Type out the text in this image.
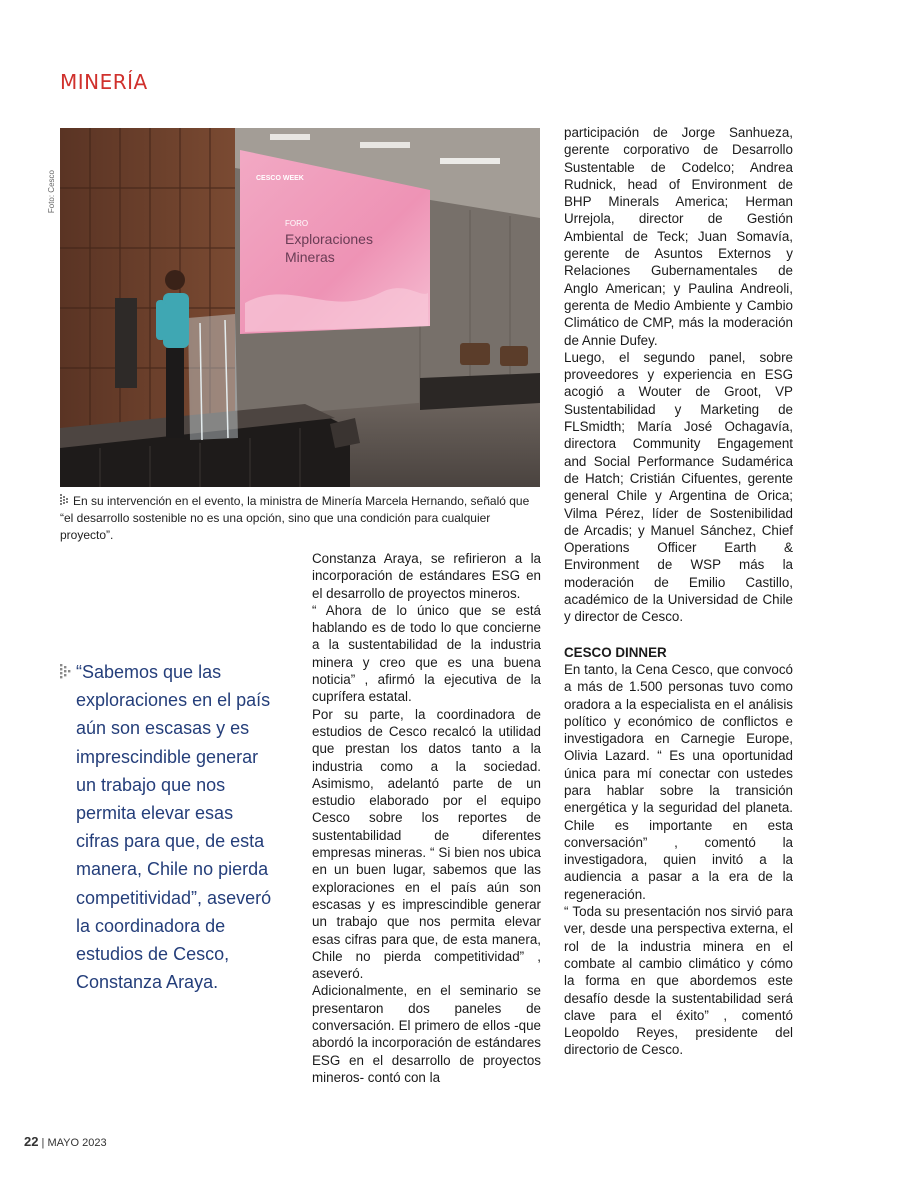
MINERÍA
Foto: Cesco	CESCO WEEK
FORO
Exploraciones
Mineras
En su intervención en el evento, la ministra de Minería Marcela Hernando, señaló que “el desarrollo sostenible no es una opción, sino que una condición para cualquier proyecto”.

“Sabemos que las exploraciones en el país aún son escasas y es imprescindible generar un trabajo que nos permita elevar esas cifras para que, de esta manera, Chile no pierda competitividad”, aseveró la coordinadora de estudios de Cesco, Constanza Araya.

Constanza Araya, se refirieron a la incorporación de estándares ESG en el desarrollo de proyectos mineros.

“ Ahora de lo único que se está hablando es de todo lo que concierne a la sustentabilidad de la industria minera y creo que es una buena noticia” , afirmó la ejecutiva de la cuprífera estatal.

Por su parte, la coordinadora de estudios de Cesco recalcó la utilidad que prestan los datos tanto a la industria como a la sociedad. Asimismo, adelantó parte de un estudio elaborado por el equipo Cesco sobre los reportes de sustentabilidad de diferentes empresas mineras. “ Si bien nos ubica en un buen lugar, sabemos que las exploraciones en el país aún son escasas y es imprescindible generar un trabajo que nos permita elevar esas cifras para que, de esta manera, Chile no pierda competitividad” , aseveró.

Adicionalmente, en el seminario se presentaron dos paneles de conversación. El primero de ellos -que abordó la incorporación de estándares ESG en el desarrollo de proyectos mineros- contó con la

participación de Jorge Sanhueza, gerente corporativo de Desarrollo Sustentable de Codelco; Andrea Rudnick, head of Environment de BHP Minerals America; Herman Urrejola, director de Gestión Ambiental de Teck; Juan Somavía, gerente de Asuntos Externos y Relaciones Gubernamentales de Anglo American; y Paulina Andreoli, gerenta de Medio Ambiente y Cambio Climático de CMP, más la moderación de Annie Dufey.

Luego, el segundo panel, sobre proveedores y experiencia en ESG acogió a Wouter de Groot, VP Sustentabilidad y Marketing de FLSmidth; María José Ochagavía, directora Community Engagement and Social Performance Sudamérica de Hatch; Cristián Cifuentes, gerente general Chile y Argentina de Orica; Vilma Pérez, líder de Sostenibilidad de Arcadis; y Manuel Sánchez, Chief Operations Officer Earth & Environment de WSP más la moderación de Emilio Castillo, académico de la Universidad de Chile y director de Cesco.

CESCO DINNER

En tanto, la Cena Cesco, que convocó a más de 1.500 personas tuvo como oradora a la especialista en el análisis político y económico de conflictos e investigadora en Carnegie Europe, Olivia Lazard. “ Es una oportunidad única para mí conectar con ustedes para hablar sobre la transición energética y la seguridad del planeta. Chile es importante en esta conversación” , comentó la investigadora, quien invitó a la audiencia a pasar a la era de la regeneración.

“ Toda su presentación nos sirvió para ver, desde una perspectiva externa, el rol de la industria minera en el combate al cambio climático y cómo la forma en que abordemos este desafío desde la sustentabilidad será clave para el éxito” , comentó Leopoldo Reyes, presidente del directorio de Cesco.

22 | MAYO 2023
